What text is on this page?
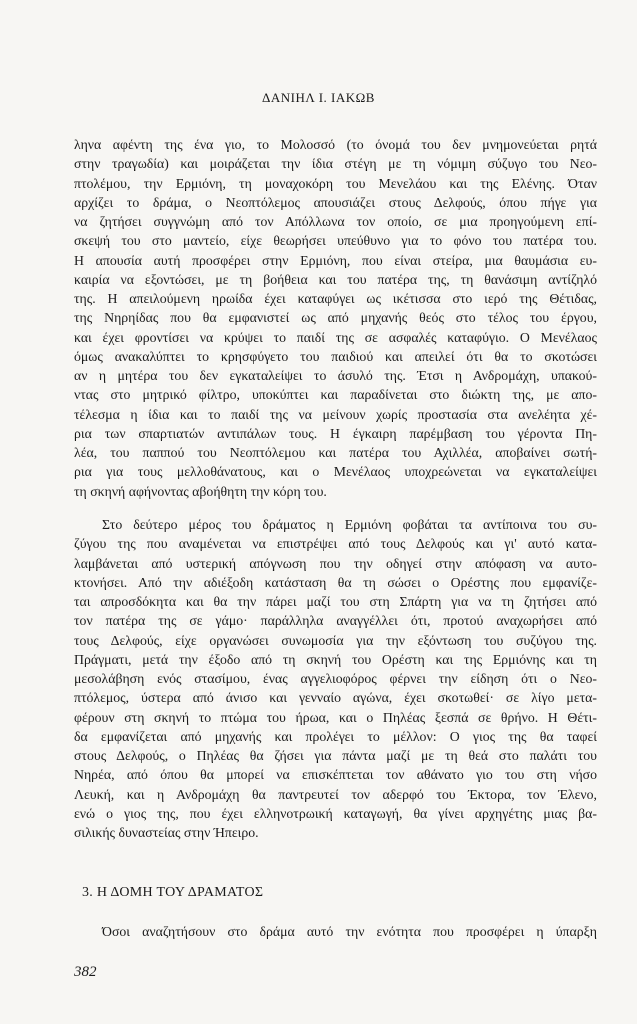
ΔΑΝΙΗΛ Ι. ΙΑΚΩΒ
ληνα αφέντη της ένα γιο, το Μολοσσό (το όνομά του δεν μνημονεύεται ρητά
στην τραγωδία) και μοιράζεται την ίδια στέγη με τη νόμιμη σύζυγο του Νεο-
πτολέμου, την Ερμιόνη, τη μοναχοκόρη του Μενελάου και της Ελένης. Όταν
αρχίζει το δράμα, ο Νεοπτόλεμος απουσιάζει στους Δελφούς, όπου πήγε για
να ζητήσει συγγνώμη από τον Απόλλωνα τον οποίο, σε μια προηγούμενη επί-
σκεψή του στο μαντείο, είχε θεωρήσει υπεύθυνο για το φόνο του πατέρα του.
Η απουσία αυτή προσφέρει στην Ερμιόνη, που είναι στείρα, μια θαυμάσια ευ-
καιρία να εξοντώσει, με τη βοήθεια και του πατέρα της, τη θανάσιμη αντίζηλό
της. Η απειλούμενη ηρωίδα έχει καταφύγει ως ικέτισσα στο ιερό της Θέτιδας,
της Νηρηίδας που θα εμφανιστεί ως από μηχανής θεός στο τέλος του έργου,
και έχει φροντίσει να κρύψει το παιδί της σε ασφαλές καταφύγιο. Ο Μενέλαος
όμως ανακαλύπτει το κρησφύγετο του παιδιού και απειλεί ότι θα το σκοτώσει
αν η μητέρα του δεν εγκαταλείψει το άσυλό της. Έτσι η Ανδρομάχη, υπακού-
ντας στο μητρικό φίλτρο, υποκύπτει και παραδίνεται στο διώκτη της, με απο-
τέλεσμα η ίδια και το παιδί της να μείνουν χωρίς προστασία στα ανελέητα χέ-
ρια των σπαρτιατών αντιπάλων τους. Η έγκαιρη παρέμβαση του γέροντα Πη-
λέα, του παππού του Νεοπτόλεμου και πατέρα του Αχιλλέα, αποβαίνει σωτή-
ρια για τους μελλοθάνατους, και ο Μενέλαος υποχρεώνεται να εγκαταλείψει
τη σκηνή αφήνοντας αβοήθητη την κόρη του.
Στο δεύτερο μέρος του δράματος η Ερμιόνη φοβάται τα αντίποινα του συ-
ζύγου της που αναμένεται να επιστρέψει από τους Δελφούς και γι' αυτό κατα-
λαμβάνεται από υστερική απόγνωση που την οδηγεί στην απόφαση να αυτο-
κτονήσει. Από την αδιέξοδη κατάσταση θα τη σώσει ο Ορέστης που εμφανίζε-
ται απροσδόκητα και θα την πάρει μαζί του στη Σπάρτη για να τη ζητήσει από
τον πατέρα της σε γάμο· παράλληλα αναγγέλλει ότι, προτού αναχωρήσει από
τους Δελφούς, είχε οργανώσει συνωμοσία για την εξόντωση του συζύγου της.
Πράγματι, μετά την έξοδο από τη σκηνή του Ορέστη και της Ερμιόνης και τη
μεσολάβηση ενός στασίμου, ένας αγγελιοφόρος φέρνει την είδηση ότι ο Νεο-
πτόλεμος, ύστερα από άνισο και γενναίο αγώνα, έχει σκοτωθεί· σε λίγο μετα-
φέρουν στη σκηνή το πτώμα του ήρωα, και ο Πηλέας ξεσπά σε θρήνο. Η Θέτι-
δα εμφανίζεται από μηχανής και προλέγει το μέλλον: Ο γιος της θα ταφεί
στους Δελφούς, ο Πηλέας θα ζήσει για πάντα μαζί με τη θεά στο παλάτι του
Νηρέα, από όπου θα μπορεί να επισκέπτεται τον αθάνατο γιο του στη νήσο
Λευκή, και η Ανδρομάχη θα παντρευτεί τον αδερφό του Έκτορα, τον Έλενο,
ενώ ο γιος της, που έχει ελληνοτρωική καταγωγή, θα γίνει αρχηγέτης μιας βα-
σιλικής δυναστείας στην Ήπειρο.
3. Η ΔΟΜΗ ΤΟΥ ΔΡΑΜΑΤΟΣ
Όσοι αναζητήσουν στο δράμα αυτό την ενότητα που προσφέρει η ύπαρξη
382
